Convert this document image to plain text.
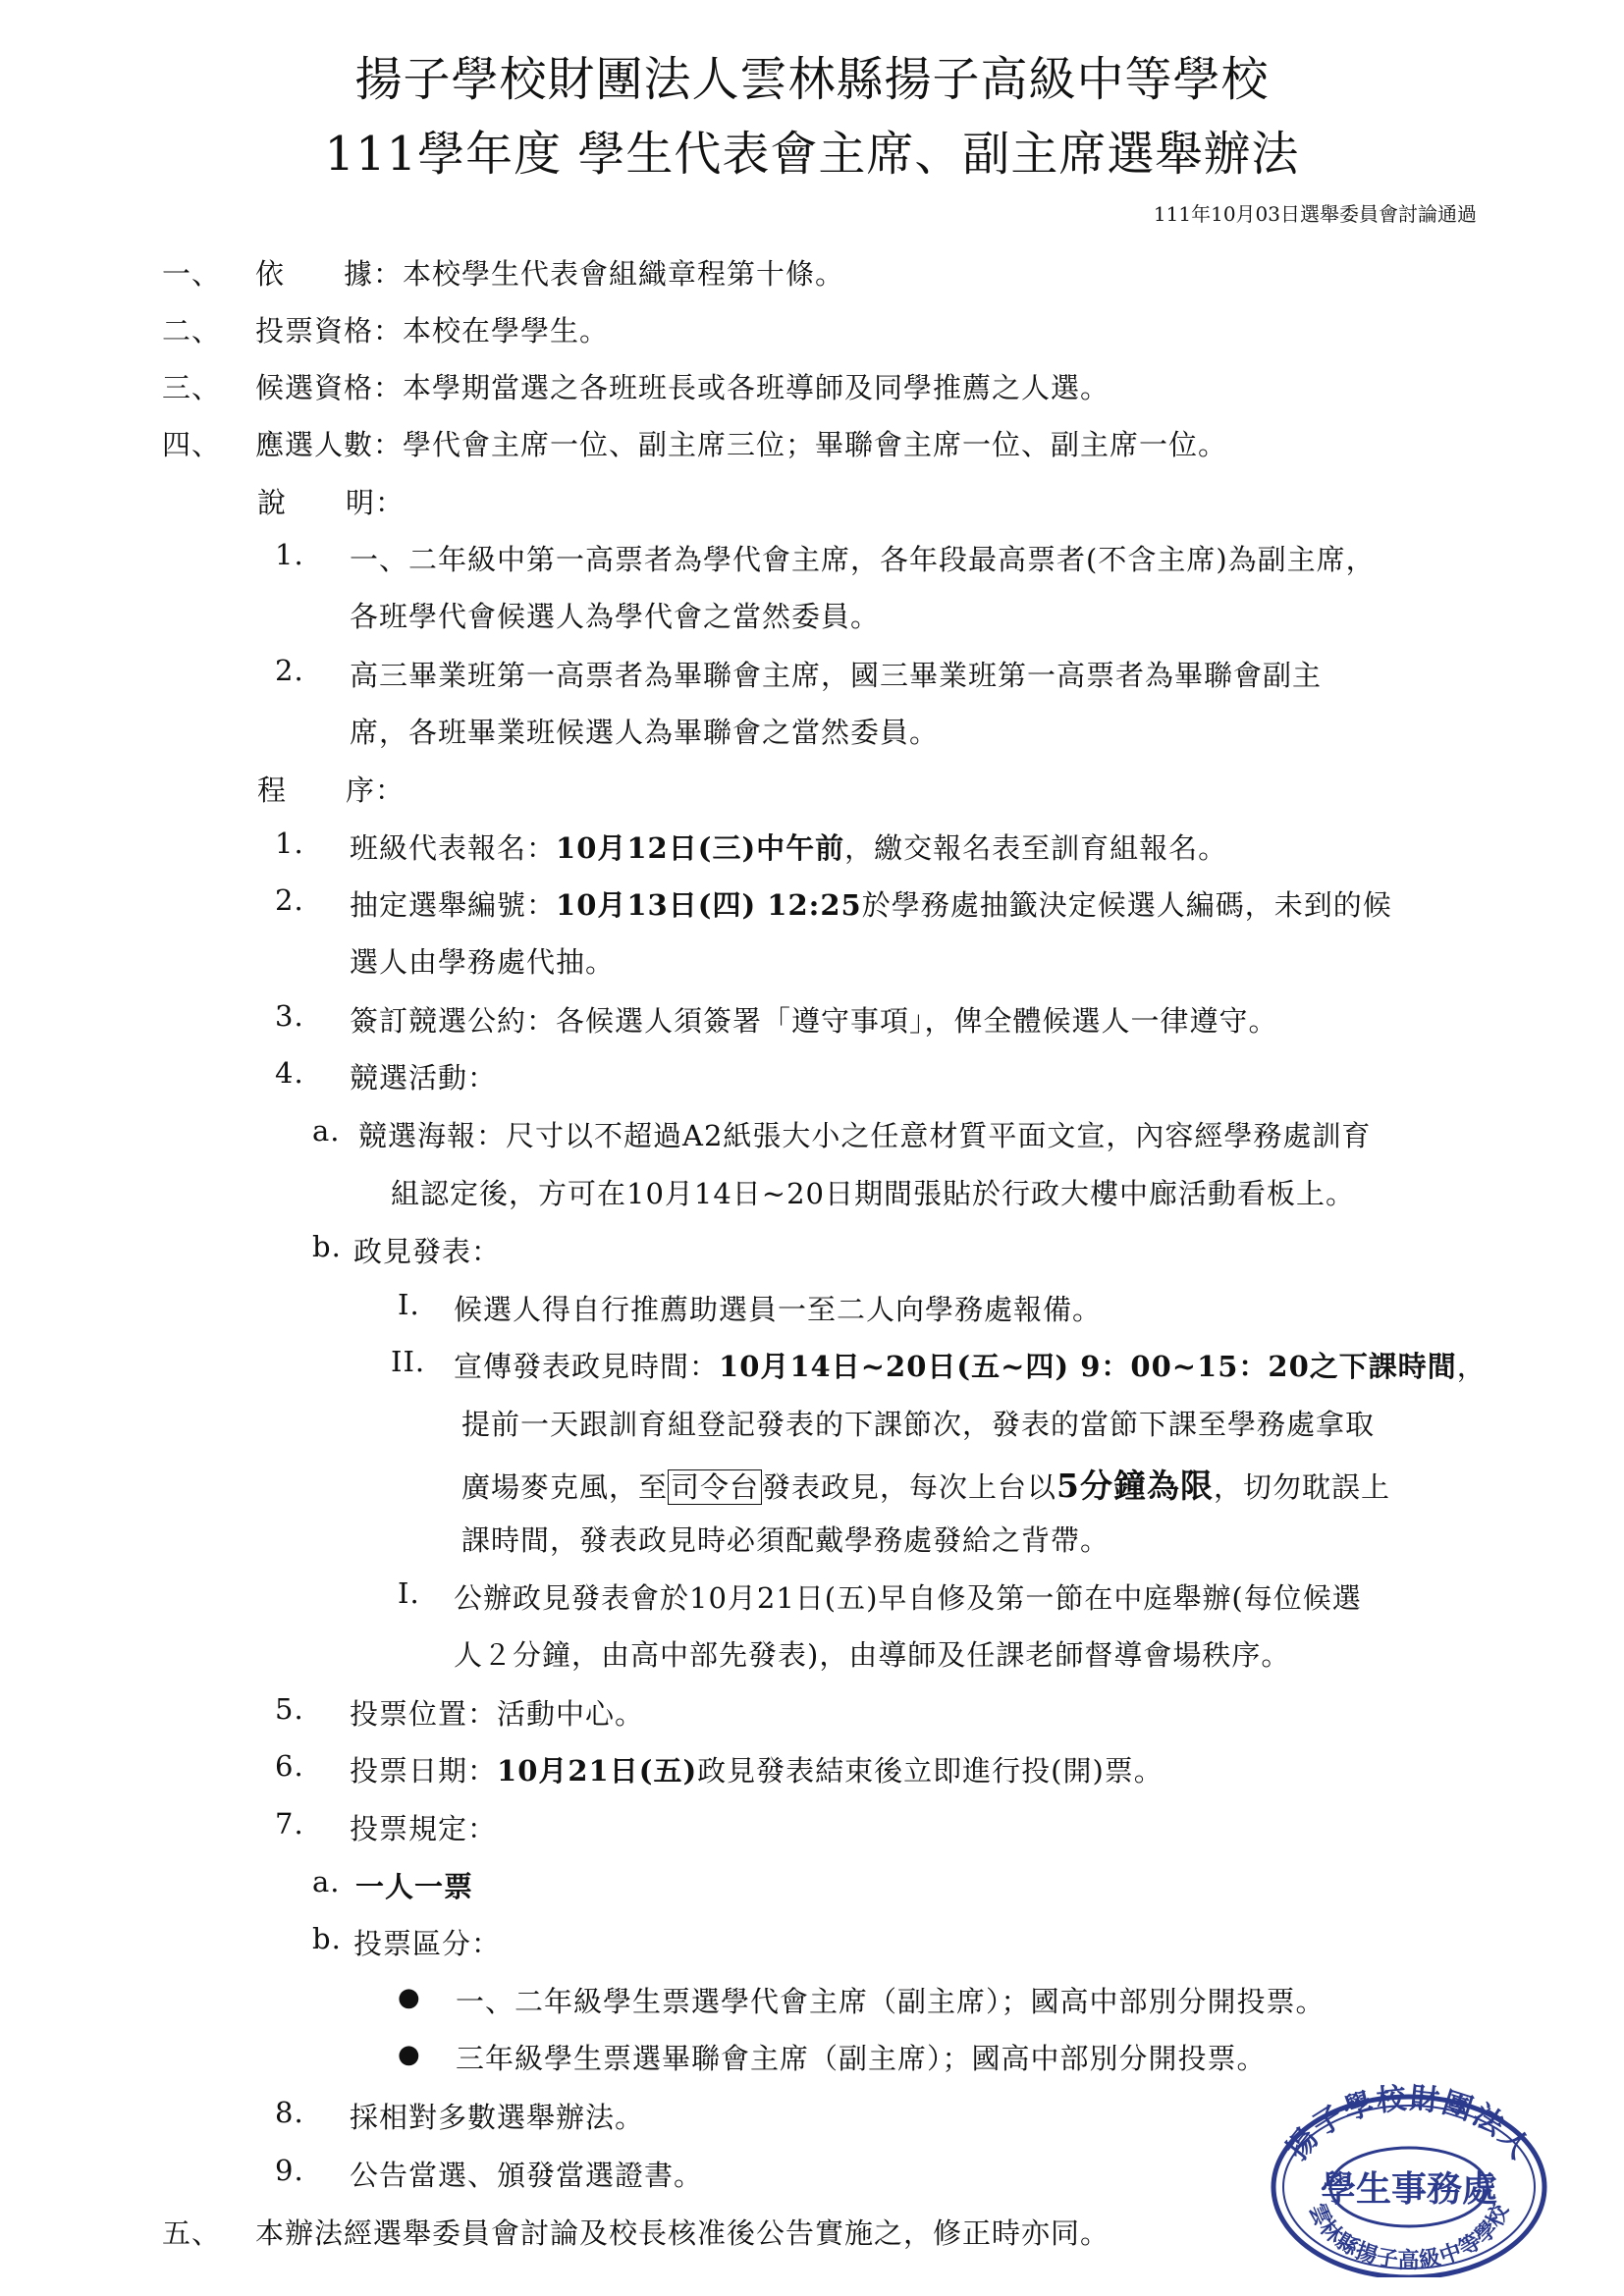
揚子學校財團法人雲林縣揚子高級中等學校
111學年度 學生代表會主席、副主席選舉辦法
111年10月03日選舉委員會討論通過
一、 依　　據：本校學生代表會組織章程第十條。
二、 投票資格：本校在學學生。
三、 候選資格：本學期當選之各班班長或各班導師及同學推薦之人選。
四、 應選人數：學代會主席一位、副主席三位；畢聯會主席一位、副主席一位。
說　　明：
1. 一、二年級中第一高票者為學代會主席，各年段最高票者(不含主席)為副主席，
各班學代會候選人為學代會之當然委員。
2. 高三畢業班第一高票者為畢聯會主席，國三畢業班第一高票者為畢聯會副主
席，各班畢業班候選人為畢聯會之當然委員。
程　　序：
1. 班級代表報名：10月12日(三)中午前，繳交報名表至訓育組報名。
2. 抽定選舉編號：10月13日(四) 12:25於學務處抽籤決定候選人編碼，未到的候
選人由學務處代抽。
3. 簽訂競選公約：各候選人須簽署「遵守事項」，俾全體候選人一律遵守。
4. 競選活動：
a. 競選海報：尺寸以不超過A2紙張大小之任意材質平面文宣，內容經學務處訓育
組認定後，方可在10月14日~20日期間張貼於行政大樓中廊活動看板上。
b. 政見發表：
I. 候選人得自行推薦助選員一至二人向學務處報備。
II. 宣傳發表政見時間：10月14日~20日(五~四) 9：00~15：20之下課時間，
提前一天跟訓育組登記發表的下課節次，發表的當節下課至學務處拿取
廣場麥克風，至 司令台 發表政見，每次上台以5分鐘為限，切勿耽誤上
課時間，發表政見時必須配戴學務處發給之背帶。
I. 公辦政見發表會於10月21日(五)早自修及第一節在中庭舉辦(每位候選
人２分鐘，由高中部先發表)，由導師及任課老師督導會場秩序。
5. 投票位置：活動中心。
6. 投票日期：10月21日(五)政見發表結束後立即進行投(開)票。
7. 投票規定：
a. 一人一票
b. 投票區分：
● 一、二年級學生票選學代會主席（副主席）；國高中部別分開投票。
● 三年級學生票選畢聯會主席（副主席）；國高中部別分開投票。
8. 採相對多數選舉辦法。
9. 公告當選、頒發當選證書。
五、 本辦法經選舉委員會討論及校長核准後公告實施之，修正時亦同。
揚子學校財團法人
雲林縣揚子高級中等學校
學生事務處
